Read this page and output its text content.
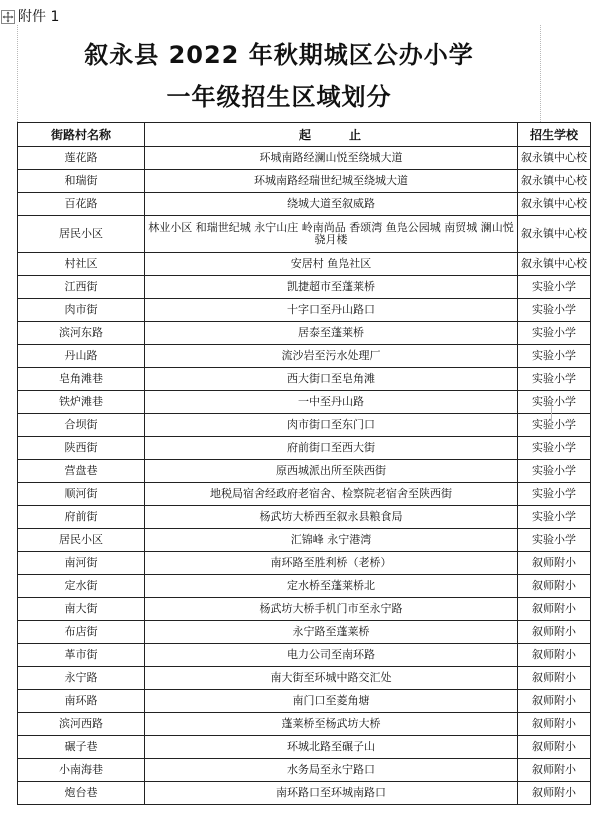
附件 1
叙永县 2022 年秋期城区公办小学
一年级招生区域划分
街路村名称	起止	招生学校
莲花路	环城南路经澜山悦至绕城大道	叙永镇中心校
和瑞街	环城南路经瑞世纪城至绕城大道	叙永镇中心校
百花路	绕城大道至叙威路	叙永镇中心校
居民小区	林业小区 和瑞世纪城 永宁山庄 岭南尚品 香颂湾 鱼凫公园城 南贸城 澜山悦 骁月楼	叙永镇中心校
村社区	安居村 鱼凫社区	叙永镇中心校
江西街	凯捷超市至蓬莱桥	实验小学
肉市街	十字口至丹山路口	实验小学
滨河东路	居泰至蓬莱桥	实验小学
丹山路	流沙岩至污水处理厂	实验小学
皂角滩巷	西大街口至皂角滩	实验小学
铁炉滩巷	一中至丹山路	实验小学
合坝街	肉市街口至东门口	实验小学
陕西街	府前街口至西大街	实验小学
营盘巷	原西城派出所至陕西街	实验小学
顺河街	地税局宿舍经政府老宿舍、检察院老宿舍至陕西街	实验小学
府前街	杨武坊大桥西至叙永县粮食局	实验小学
居民小区	汇锦峰 永宁港湾	实验小学
南河街	南环路至胜利桥（老桥）	叙师附小
定水街	定水桥至蓬莱桥北	叙师附小
南大街	杨武坊大桥手机门市至永宁路	叙师附小
布店街	永宁路至蓬莱桥	叙师附小
革市街	电力公司至南环路	叙师附小
永宁路	南大街至环城中路交汇处	叙师附小
南环路	南门口至菱角塘	叙师附小
滨河西路	蓬莱桥至杨武坊大桥	叙师附小
碾子巷	环城北路至碾子山	叙师附小
小南海巷	水务局至永宁路口	叙师附小
炮台巷	南环路口至环城南路口	叙师附小
